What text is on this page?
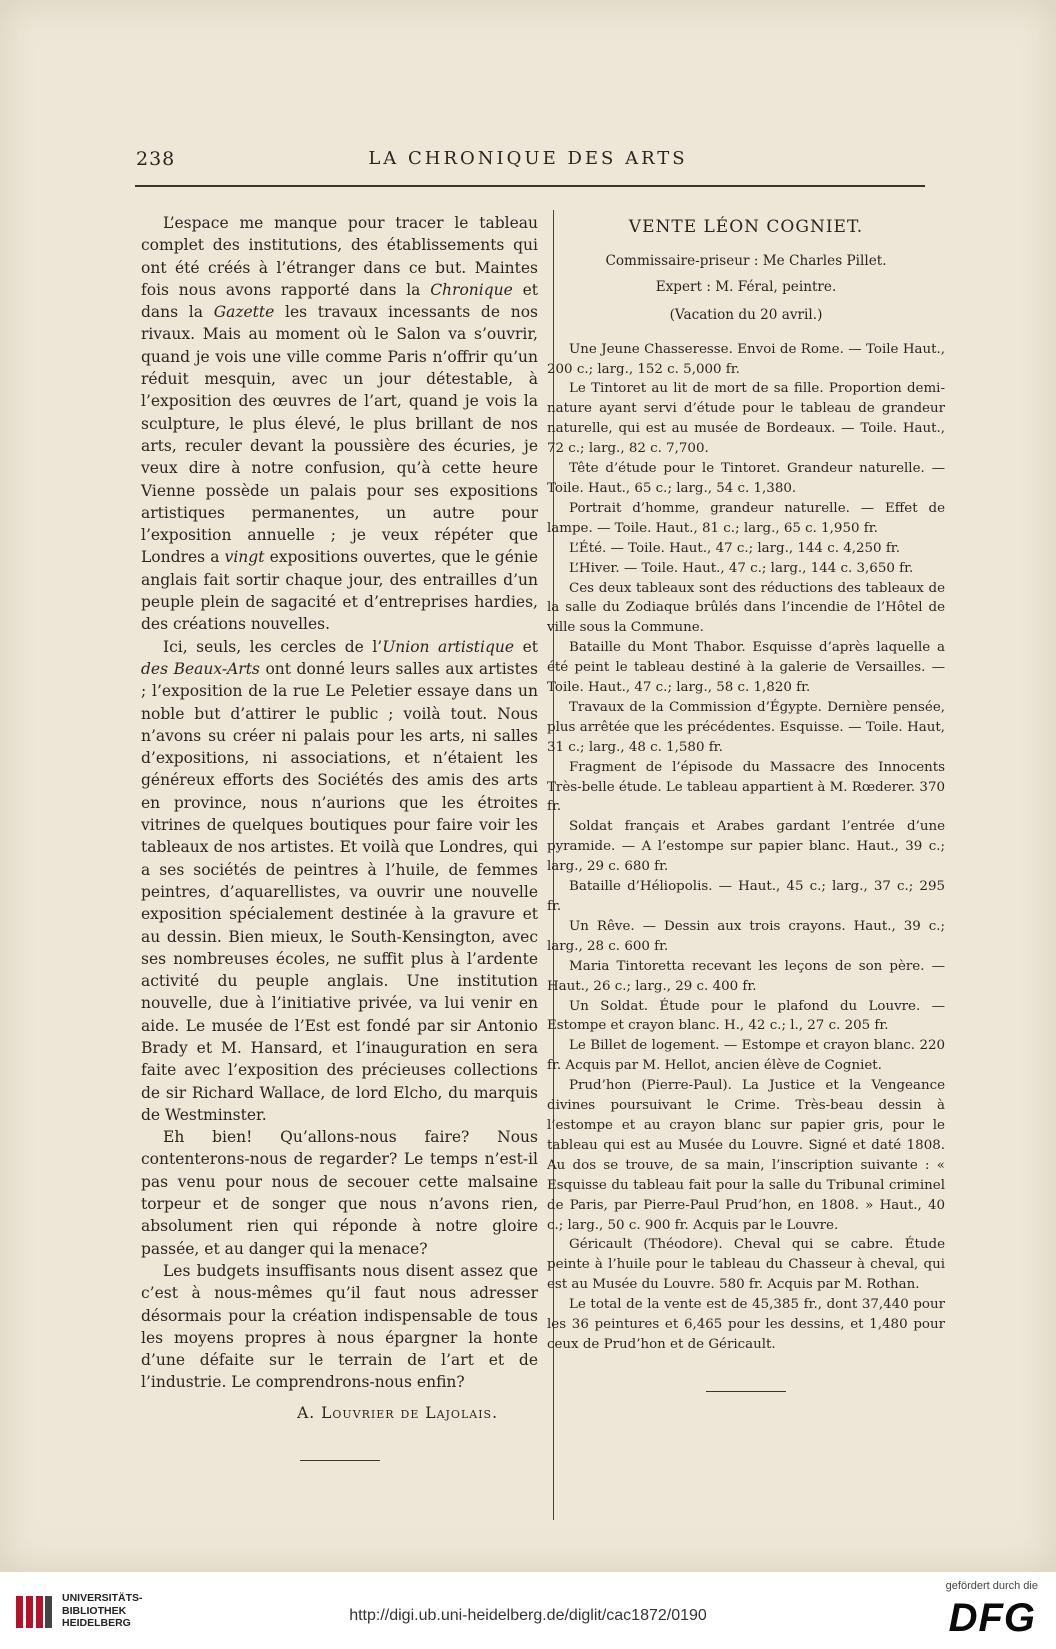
238	LA CHRONIQUE DES ARTS

L’espace me manque pour tracer le tableau complet des institutions, des établissements qui ont été créés à l’étranger dans ce but. Maintes fois nous avons rapporté dans la Chronique et dans la Gazette les travaux incessants de nos rivaux. Mais au moment où le Salon va s’ouvrir, quand je vois une ville comme Paris n’offrir qu’un réduit mesquin, avec un jour détestable, à l’exposition des œuvres de l’art, quand je vois la sculpture, le plus élevé, le plus brillant de nos arts, reculer devant la poussière des écuries, je veux dire à notre confusion, qu’à cette heure Vienne possède un palais pour ses expositions artistiques permanentes, un autre pour l’exposition annuelle ; je veux répéter que Londres a vingt expositions ouvertes, que le génie anglais fait sortir chaque jour, des entrailles d’un peuple plein de sagacité et d’entreprises hardies, des créations nouvelles.

Ici, seuls, les cercles de l’Union artistique et des Beaux-Arts ont donné leurs salles aux artistes ; l’exposition de la rue Le Peletier essaye dans un noble but d’attirer le public ; voilà tout. Nous n’avons su créer ni palais pour les arts, ni salles d’expositions, ni associations, et n’étaient les généreux efforts des Sociétés des amis des arts en province, nous n’aurions que les étroites vitrines de quelques boutiques pour faire voir les tableaux de nos artistes. Et voilà que Londres, qui a ses sociétés de peintres à l’huile, de femmes peintres, d’aquarellistes, va ouvrir une nouvelle exposition spécialement destinée à la gravure et au dessin. Bien mieux, le South-Kensington, avec ses nombreuses écoles, ne suffit plus à l’ardente activité du peuple anglais. Une institution nouvelle, due à l’initiative privée, va lui venir en aide. Le musée de l’Est est fondé par sir Antonio Brady et M. Hansard, et l’inauguration en sera faite avec l’exposition des précieuses collections de sir Richard Wallace, de lord Elcho, du marquis de Westminster.

Eh bien! Qu’allons-nous faire? Nous contenterons-nous de regarder? Le temps n’est-il pas venu pour nous de secouer cette malsaine torpeur et de songer que nous n’avons rien, absolument rien qui réponde à notre gloire passée, et au danger qui la menace?

Les budgets insuffisants nous disent assez que c’est à nous-mêmes qu’il faut nous adresser désormais pour la création indispensable de tous les moyens propres à nous épargner la honte d’une défaite sur le terrain de l’art et de l’industrie. Le comprendrons-nous enfin?

A. Louvrier de Lajolais.

VENTE LÉON COGNIET.

Commissaire-priseur : Me Charles Pillet.

Expert : M. Féral, peintre.

(Vacation du 20 avril.)

Une Jeune Chasseresse. Envoi de Rome. — Toile Haut., 200 c.; larg., 152 c. 5,000 fr.

Le Tintoret au lit de mort de sa fille. Proportion demi-nature ayant servi d’étude pour le tableau de grandeur naturelle, qui est au musée de Bordeaux. — Toile. Haut., 72 c.; larg., 82 c. 7,700.

Tête d’étude pour le Tintoret. Grandeur naturelle. — Toile. Haut., 65 c.; larg., 54 c. 1,380.

Portrait d’homme, grandeur naturelle. — Effet de lampe. — Toile. Haut., 81 c.; larg., 65 c. 1,950 fr.

L’Été. — Toile. Haut., 47 c.; larg., 144 c. 4,250 fr.

L’Hiver. — Toile. Haut., 47 c.; larg., 144 c. 3,650 fr.

Ces deux tableaux sont des réductions des tableaux de la salle du Zodiaque brûlés dans l’incendie de l’Hôtel de ville sous la Commune.

Bataille du Mont Thabor. Esquisse d’après laquelle a été peint le tableau destiné à la galerie de Versailles. — Toile. Haut., 47 c.; larg., 58 c. 1,820 fr.

Travaux de la Commission d’Égypte. Dernière pensée, plus arrêtée que les précédentes. Esquisse. — Toile. Haut, 31 c.; larg., 48 c. 1,580 fr.

Fragment de l’épisode du Massacre des Innocents Très-belle étude. Le tableau appartient à M. Rœderer. 370 fr.

Soldat français et Arabes gardant l’entrée d’une pyramide. — A l’estompe sur papier blanc. Haut., 39 c.; larg., 29 c. 680 fr.

Bataille d’Héliopolis. — Haut., 45 c.; larg., 37 c.; 295 fr.

Un Rêve. — Dessin aux trois crayons. Haut., 39 c.; larg., 28 c. 600 fr.

Maria Tintoretta recevant les leçons de son père. — Haut., 26 c.; larg., 29 c. 400 fr.

Un Soldat. Étude pour le plafond du Louvre. — Estompe et crayon blanc. H., 42 c.; l., 27 c. 205 fr.

Le Billet de logement. — Estompe et crayon blanc. 220 fr. Acquis par M. Hellot, ancien élève de Cogniet.

Prud’hon (Pierre-Paul). La Justice et la Vengeance divines poursuivant le Crime. Très-beau dessin à l’estompe et au crayon blanc sur papier gris, pour le tableau qui est au Musée du Louvre. Signé et daté 1808. Au dos se trouve, de sa main, l’inscription suivante : « Esquisse du tableau fait pour la salle du Tribunal criminel de Paris, par Pierre-Paul Prud’hon, en 1808. » Haut., 40 c.; larg., 50 c. 900 fr. Acquis par le Louvre.

Géricault (Théodore). Cheval qui se cabre. Étude peinte à l’huile pour le tableau du Chasseur à cheval, qui est au Musée du Louvre. 580 fr. Acquis par M. Rothan.

Le total de la vente est de 45,385 fr., dont 37,440 pour les 36 peintures et 6,465 pour les dessins, et 1,480 pour ceux de Prud’hon et de Géricault.

UNIVERSITÄTS-
BIBLIOTHEK
HEIDELBERG	http://digi.ub.uni-heidelberg.de/diglit/cac1872/0190
gefördert durch die
DFG
